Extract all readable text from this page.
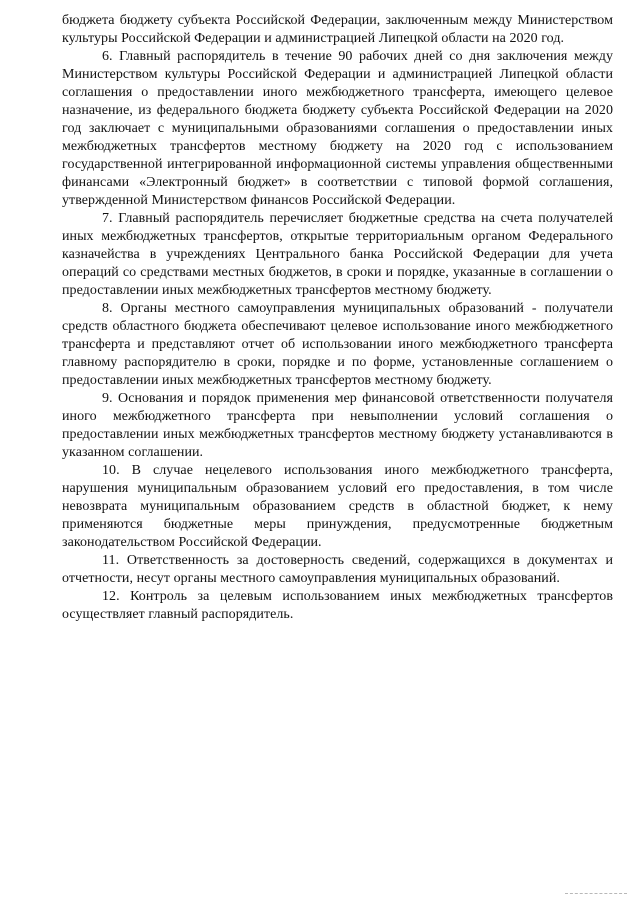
бюджета бюджету субъекта Российской Федерации, заключенным между Министерством культуры Российской Федерации и администрацией Липецкой области на 2020 год.

6. Главный распорядитель в течение 90 рабочих дней со дня заключения между Министерством культуры Российской Федерации и администрацией Липецкой области соглашения о предоставлении иного межбюджетного трансферта, имеющего целевое назначение, из федерального бюджета бюджету субъекта Российской Федерации на 2020 год заключает с муниципальными образованиями соглашения о предоставлении иных межбюджетных трансфертов местному бюджету на 2020 год с использованием государственной интегрированной информационной системы управления общественными финансами «Электронный бюджет» в соответствии с типовой формой соглашения, утвержденной Министерством финансов Российской Федерации.

7. Главный распорядитель перечисляет бюджетные средства на счета получателей иных межбюджетных трансфертов, открытые территориальным органом Федерального казначейства в учреждениях Центрального банка Российской Федерации для учета операций со средствами местных бюджетов, в сроки и порядке, указанные в соглашении о предоставлении иных межбюджетных трансфертов местному бюджету.

8. Органы местного самоуправления муниципальных образований - получатели средств областного бюджета обеспечивают целевое использование иного межбюджетного трансферта и представляют отчет об использовании иного межбюджетного трансферта главному распорядителю в сроки, порядке и по форме, установленные соглашением о предоставлении иных межбюджетных трансфертов местному бюджету.

9. Основания и порядок применения мер финансовой ответственности получателя иного межбюджетного трансферта при невыполнении условий соглашения о предоставлении иных межбюджетных трансфертов местному бюджету устанавливаются в указанном соглашении.

10. В случае нецелевого использования иного межбюджетного трансферта, нарушения муниципальным образованием условий его предоставления, в том числе невозврата муниципальным образованием средств в областной бюджет, к нему применяются бюджетные меры принуждения, предусмотренные бюджетным законодательством Российской Федерации.

11. Ответственность за достоверность сведений, содержащихся в документах и отчетности, несут органы местного самоуправления муниципальных образований.

12. Контроль за целевым использованием иных межбюджетных трансфертов осуществляет главный распорядитель.
